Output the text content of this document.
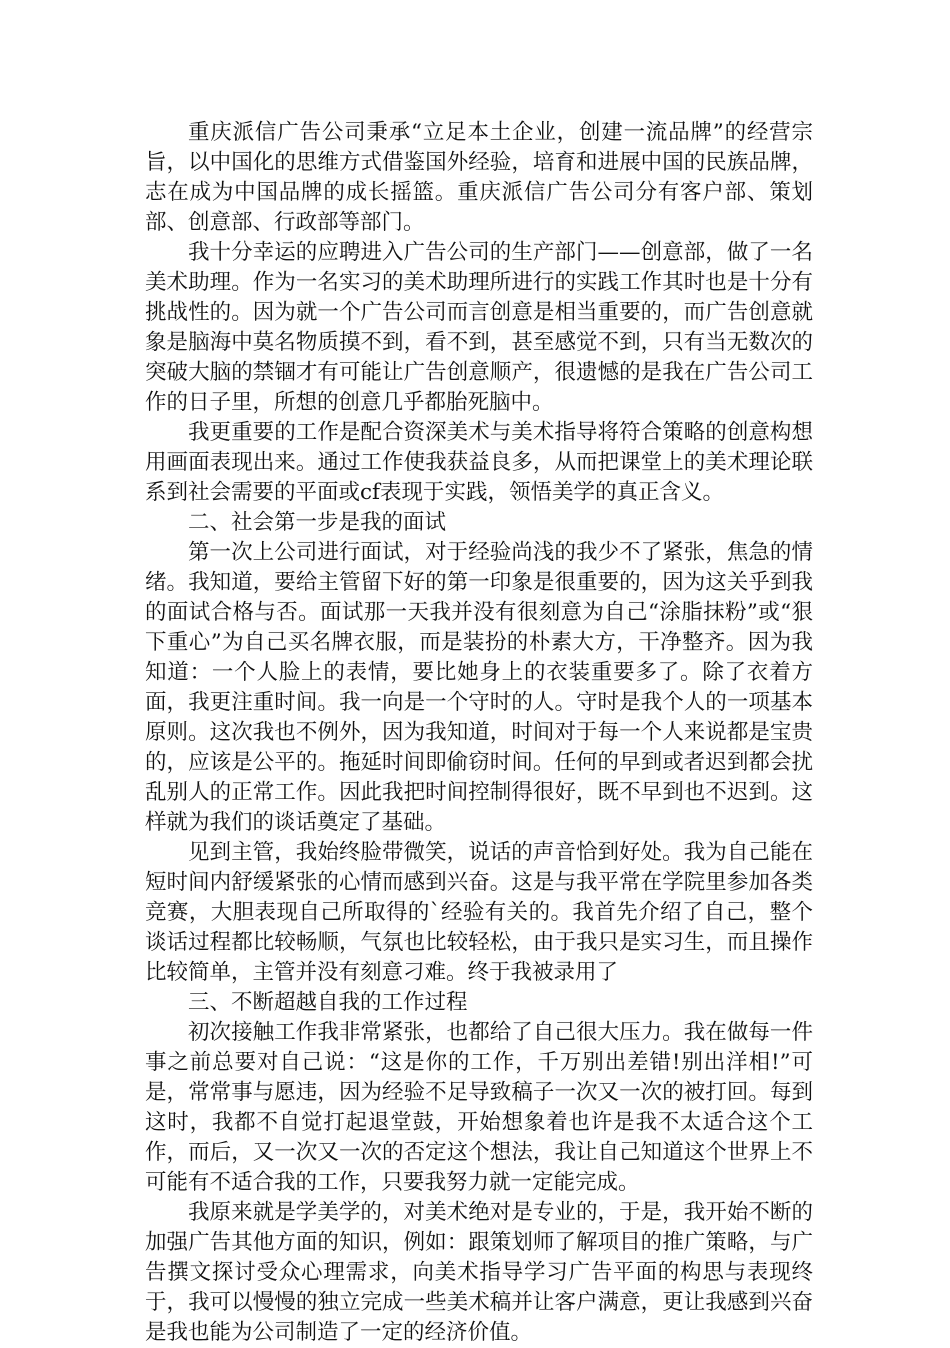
重庆派信广告公司秉承“立足本土企业，创建一流品牌”的经营宗旨，以中国化的思维方式借鉴国外经验，培育和进展中国的民族品牌，志在成为中国品牌的成长摇篮。重庆派信广告公司分有客户部、策划部、创意部、行政部等部门。

我十分幸运的应聘进入广告公司的生产部门——创意部，做了一名美术助理。作为一名实习的美术助理所进行的实践工作其时也是十分有挑战性的。因为就一个广告公司而言创意是相当重要的，而广告创意就象是脑海中莫名物质摸不到，看不到，甚至感觉不到，只有当无数次的突破大脑的禁锢才有可能让广告创意顺产，很遗憾的是我在广告公司工作的日子里，所想的创意几乎都胎死脑中。

我更重要的工作是配合资深美术与美术指导将符合策略的创意构想用画面表现出来。通过工作使我获益良多，从而把课堂上的美术理论联系到社会需要的平面或cf表现于实践，领悟美学的真正含义。

二、社会第一步是我的面试

第一次上公司进行面试，对于经验尚浅的我少不了紧张，焦急的情绪。我知道，要给主管留下好的第一印象是很重要的，因为这关乎到我的面试合格与否。面试那一天我并没有很刻意为自己“涂脂抹粉”或“狠下重心”为自己买名牌衣服，而是装扮的朴素大方，干净整齐。因为我知道：一个人脸上的表情，要比她身上的衣装重要多了。除了衣着方面，我更注重时间。我一向是一个守时的人。守时是我个人的一项基本原则。这次我也不例外，因为我知道，时间对于每一个人来说都是宝贵的，应该是公平的。拖延时间即偷窃时间。任何的早到或者迟到都会扰乱别人的正常工作。因此我把时间控制得很好，既不早到也不迟到。这样就为我们的谈话奠定了基础。

见到主管，我始终脸带微笑，说话的声音恰到好处。我为自己能在短时间内舒缓紧张的心情而感到兴奋。这是与我平常在学院里参加各类竞赛，大胆表现自己所取得的`经验有关的。我首先介绍了自己，整个谈话过程都比较畅顺，气氛也比较轻松，由于我只是实习生，而且操作比较简单，主管并没有刻意刁难。终于我被录用了

三、不断超越自我的工作过程

初次接触工作我非常紧张，也都给了自己很大压力。我在做每一件事之前总要对自己说：“这是你的工作，千万别出差错!别出洋相!”可是，常常事与愿违，因为经验不足导致稿子一次又一次的被打回。每到这时，我都不自觉打起退堂鼓，开始想象着也许是我不太适合这个工作，而后，又一次又一次的否定这个想法，我让自己知道这个世界上不可能有不适合我的工作，只要我努力就一定能完成。

我原来就是学美学的，对美术绝对是专业的，于是，我开始不断的加强广告其他方面的知识，例如：跟策划师了解项目的推广策略，与广告撰文探讨受众心理需求，向美术指导学习广告平面的构思与表现终于，我可以慢慢的独立完成一些美术稿并让客户满意，更让我感到兴奋是我也能为公司制造了一定的经济价值。
